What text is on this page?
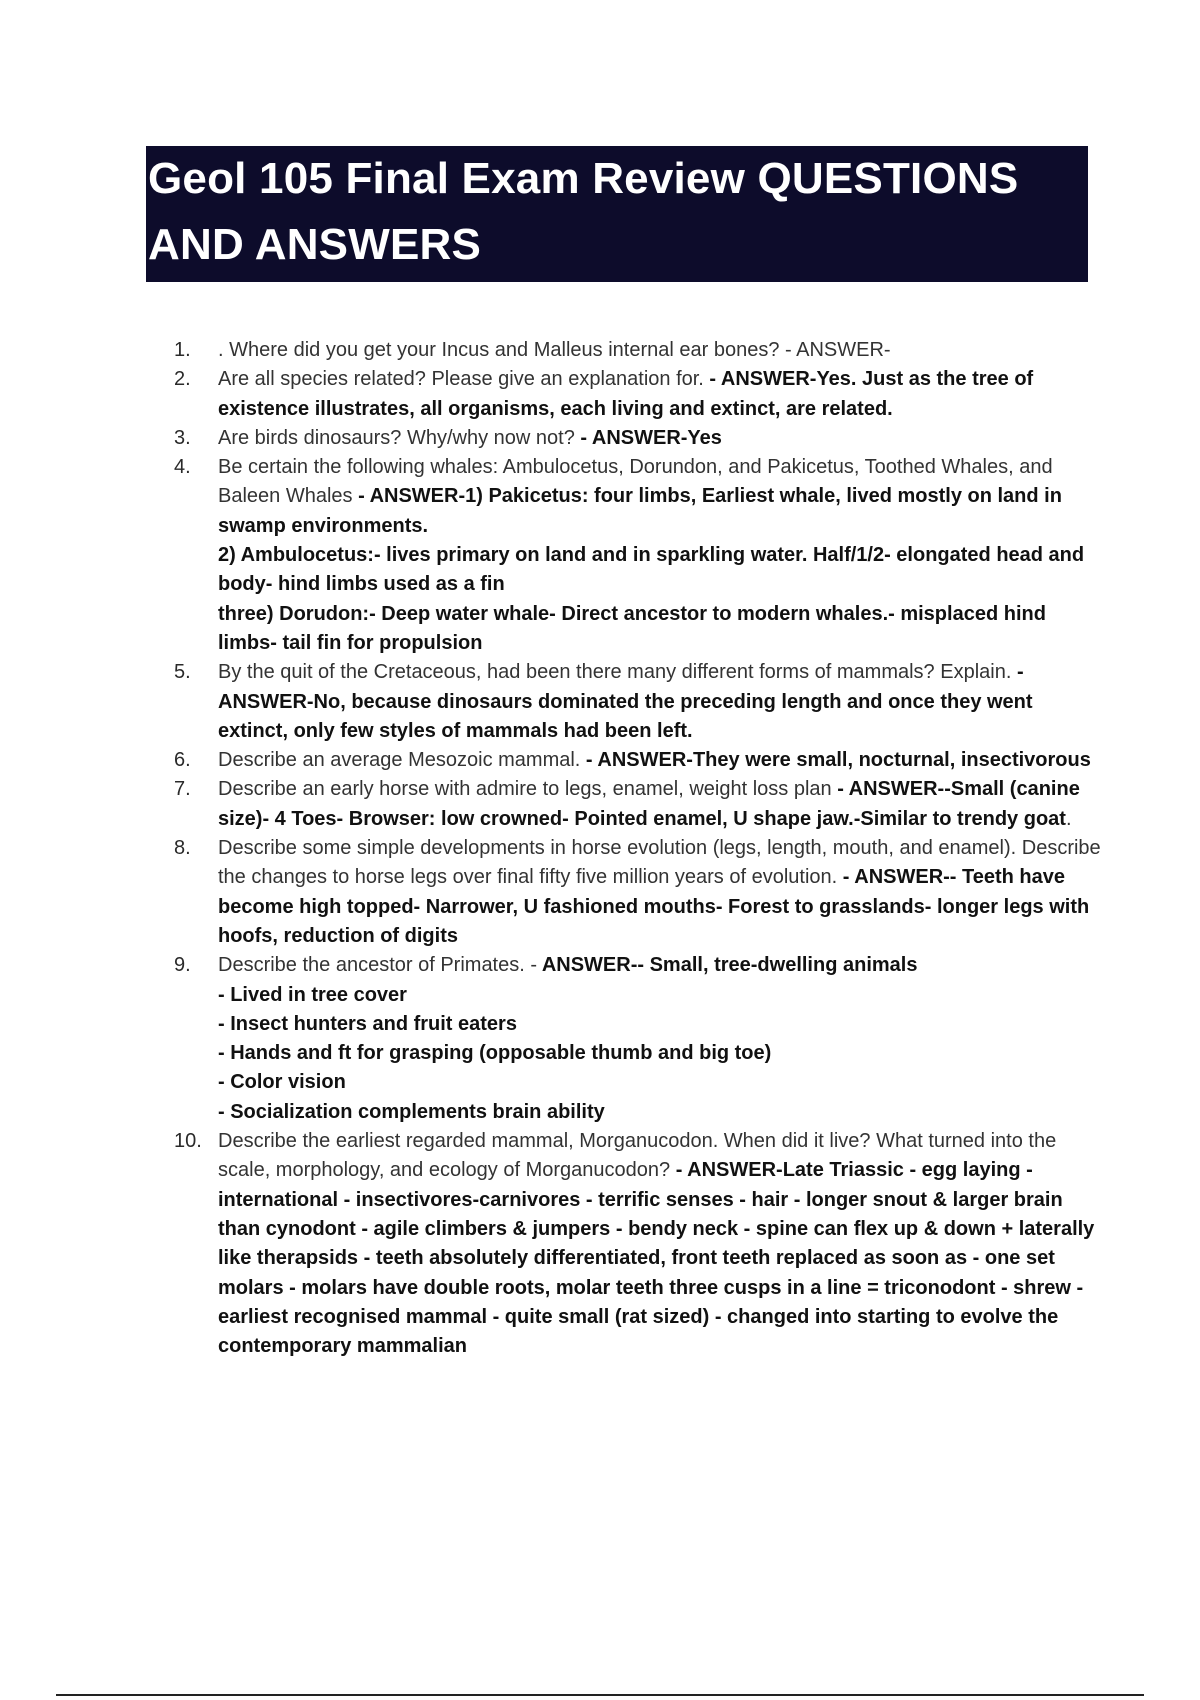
Geol 105 Final Exam Review QUESTIONS
AND ANSWERS
1.	. Where did you get your Incus and Malleus internal ear bones? - ANSWER-
2.	Are all species related? Please give an explanation for. - ANSWER-Yes. Just as the tree of existence illustrates, all organisms, each living and extinct, are related.
3.	Are birds dinosaurs? Why/why now not? - ANSWER-Yes
4.	Be certain the following whales: Ambulocetus, Dorundon, and Pakicetus, Toothed Whales, and Baleen Whales - ANSWER-1) Pakicetus: four limbs, Earliest whale, lived mostly on land in swamp environments.
2) Ambulocetus:- lives primary on land and in sparkling water. Half/1/2- elongated head and body- hind limbs used as a fin
three) Dorudon:- Deep water whale- Direct ancestor to modern whales.- misplaced hind limbs- tail fin for propulsion
5.	By the quit of the Cretaceous, had been there many different forms of mammals? Explain. - ANSWER-No, because dinosaurs dominated the preceding length and once they went extinct, only few styles of mammals had been left.
6.	Describe an average Mesozoic mammal. - ANSWER-They were small, nocturnal, insectivorous
7.	Describe an early horse with admire to legs, enamel, weight loss plan - ANSWER--Small (canine size)- 4 Toes- Browser: low crowned- Pointed enamel, U shape jaw.-Similar to trendy goat.
8.	Describe some simple developments in horse evolution (legs, length, mouth, and enamel). Describe the changes to horse legs over final fifty five million years of evolution. - ANSWER-- Teeth have become high topped- Narrower, U fashioned mouths- Forest to grasslands- longer legs with hoofs, reduction of digits
9.	Describe the ancestor of Primates. - ANSWER-- Small, tree-dwelling animals
- Lived in tree cover
- Insect hunters and fruit eaters
- Hands and ft for grasping (opposable thumb and big toe)
- Color vision
- Socialization complements brain ability
10. Describe the earliest regarded mammal, Morganucodon. When did it live? What turned into the scale, morphology, and ecology of Morganucodon? - ANSWER-Late Triassic - egg laying - international - insectivores-carnivores - terrific senses - hair - longer snout & larger brain than cynodont - agile climbers & jumpers - bendy neck - spine can flex up & down + laterally like therapsids - teeth absolutely differentiated, front teeth replaced as soon as - one set molars - molars have double roots, molar teeth three cusps in a line = triconodont - shrew - earliest recognised mammal - quite small (rat sized) - changed into starting to evolve the contemporary mammalian
